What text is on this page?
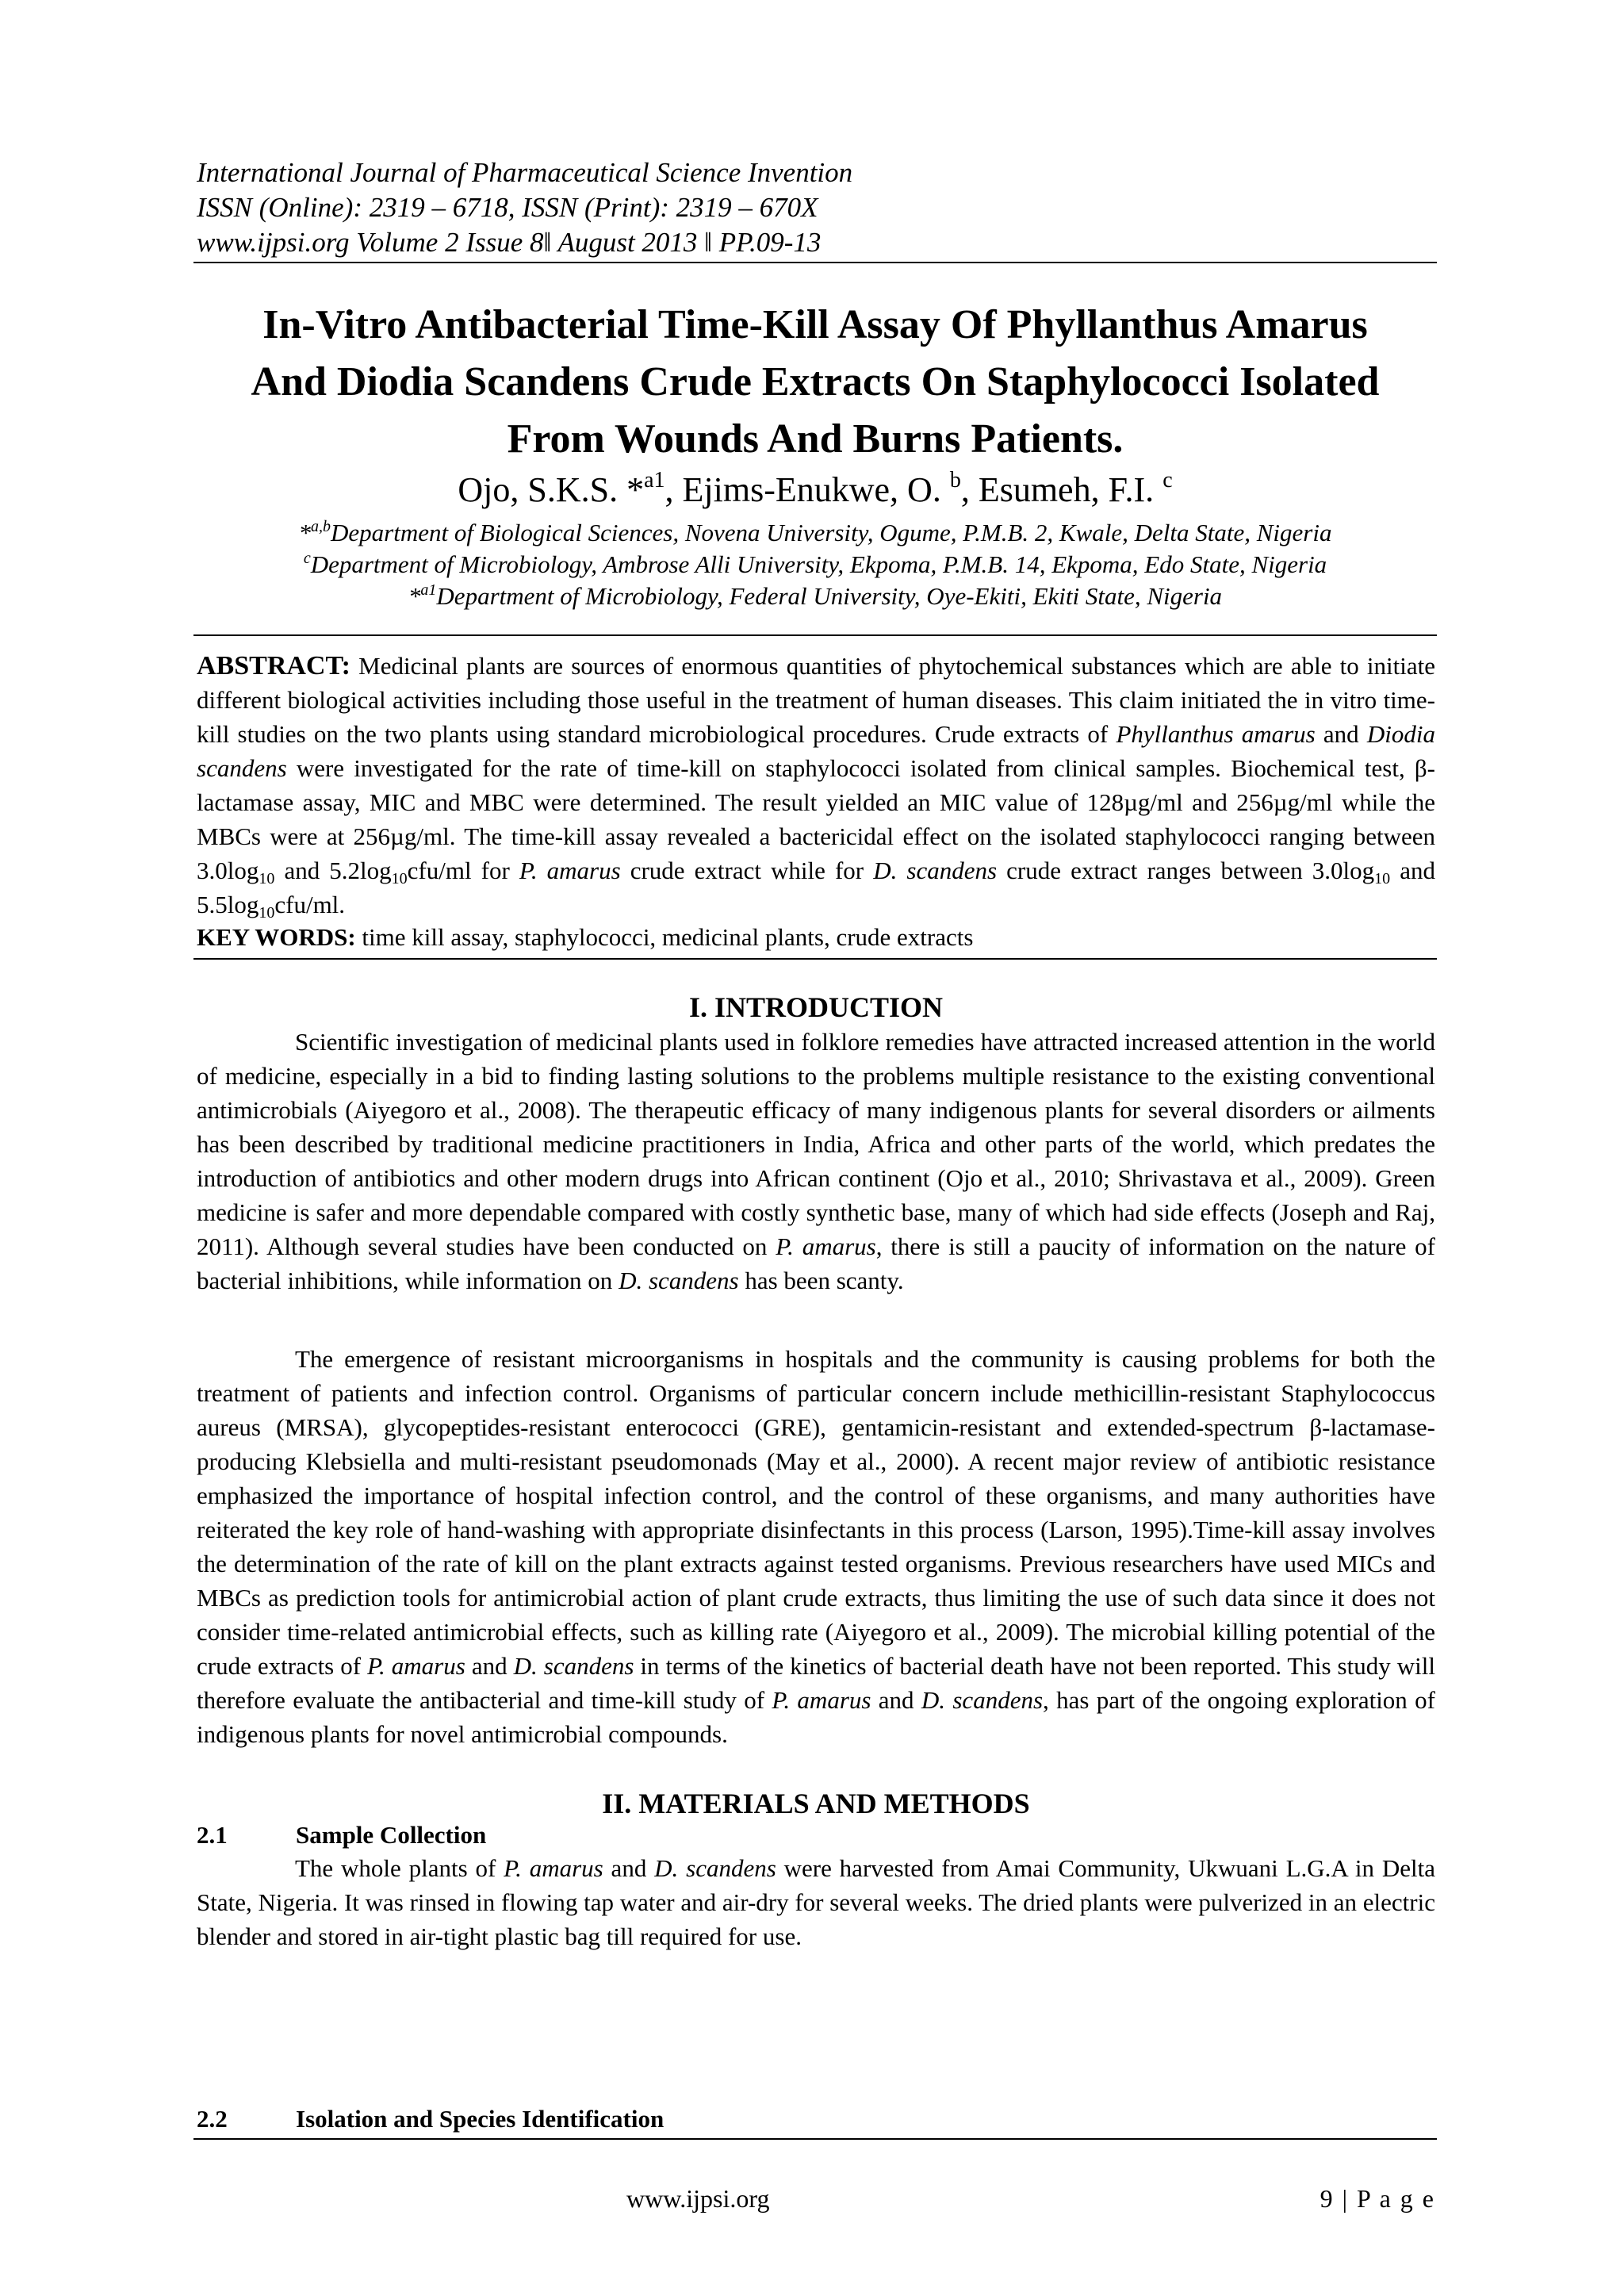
International Journal of Pharmaceutical Science Invention
ISSN (Online): 2319 – 6718, ISSN (Print): 2319 – 670X
www.ijpsi.org Volume 2 Issue 8ǁ August 2013 ǁ PP.09-13
In-Vitro Antibacterial Time-Kill Assay Of Phyllanthus Amarus
And Diodia Scandens Crude Extracts On Staphylococci Isolated
From Wounds And Burns Patients.
Ojo, S.K.S. *$^{a1}$, Ejims-Enukwe, O. $^b$, Esumeh, F.I. $^c$
*$^{a,b}$Department of Biological Sciences, Novena University, Ogume, P.M.B. 2, Kwale, Delta State, Nigeria
$^c$Department of Microbiology, Ambrose Alli University, Ekpoma, P.M.B. 14, Ekpoma, Edo State, Nigeria
*$^{a1}$Department of Microbiology, Federal University, Oye-Ekiti, Ekiti State, Nigeria

ABSTRACT: Medicinal plants are sources of enormous quantities of phytochemical substances which are able to initiate different biological activities including those useful in the treatment of human diseases. This claim initiated the in vitro time-kill studies on the two plants using standard microbiological procedures. Crude extracts of Phyllanthus amarus and Diodia scandens were investigated for the rate of time-kill on staphylococci isolated from clinical samples. Biochemical test, β-lactamase assay, MIC and MBC were determined. The result yielded an MIC value of 128µg/ml and 256µg/ml while the MBCs were at 256µg/ml. The time-kill assay revealed a bactericidal effect on the isolated staphylococci ranging between $3.0\log_{10}$ and $5.2\log_{10}cfu/ml$ for P. amarus crude extract while for D. scandens crude extract ranges between $3.0\log_{10}$ and $5.5\log_{10}cfu/ml$.

KEY WORDS: time kill assay, staphylococci, medicinal plants, crude extracts

I. INTRODUCTION

Scientific investigation of medicinal plants used in folklore remedies have attracted increased attention in the world of medicine, especially in a bid to finding lasting solutions to the problems multiple resistance to the existing conventional antimicrobials (Aiyegoro et al., 2008). The therapeutic efficacy of many indigenous plants for several disorders or ailments has been described by traditional medicine practitioners in India, Africa and other parts of the world, which predates the introduction of antibiotics and other modern drugs into African continent (Ojo et al., 2010; Shrivastava et al., 2009). Green medicine is safer and more dependable compared with costly synthetic base, many of which had side effects (Joseph and Raj, 2011). Although several studies have been conducted on P. amarus, there is still a paucity of information on the nature of bacterial inhibitions, while information on D. scandens has been scanty.

The emergence of resistant microorganisms in hospitals and the community is causing problems for both the treatment of patients and infection control. Organisms of particular concern include methicillin-resistant Staphylococcus aureus (MRSA), glycopeptides-resistant enterococci (GRE), gentamicin-resistant and extended-spectrum β-lactamase-producing Klebsiella and multi-resistant pseudomonads (May et al., 2000). A recent major review of antibiotic resistance emphasized the importance of hospital infection control, and the control of these organisms, and many authorities have reiterated the key role of hand-washing with appropriate disinfectants in this process (Larson, 1995).Time-kill assay involves the determination of the rate of kill on the plant extracts against tested organisms. Previous researchers have used MICs and MBCs as prediction tools for antimicrobial action of plant crude extracts, thus limiting the use of such data since it does not consider time-related antimicrobial effects, such as killing rate (Aiyegoro et al., 2009). The microbial killing potential of the crude extracts of P. amarus and D. scandens in terms of the kinetics of bacterial death have not been reported. This study will therefore evaluate the antibacterial and time-kill study of P. amarus and D. scandens, has part of the ongoing exploration of indigenous plants for novel antimicrobial compounds.

II. MATERIALS AND METHODS
2.1	Sample Collection

The whole plants of P. amarus and D. scandens were harvested from Amai Community, Ukwuani L.G.A in Delta State, Nigeria. It was rinsed in flowing tap water and air-dry for several weeks. The dried plants were pulverized in an electric blender and stored in air-tight plastic bag till required for use.

2.2	Isolation and Species Identification
www.ijpsi.org	9 | P a g e
